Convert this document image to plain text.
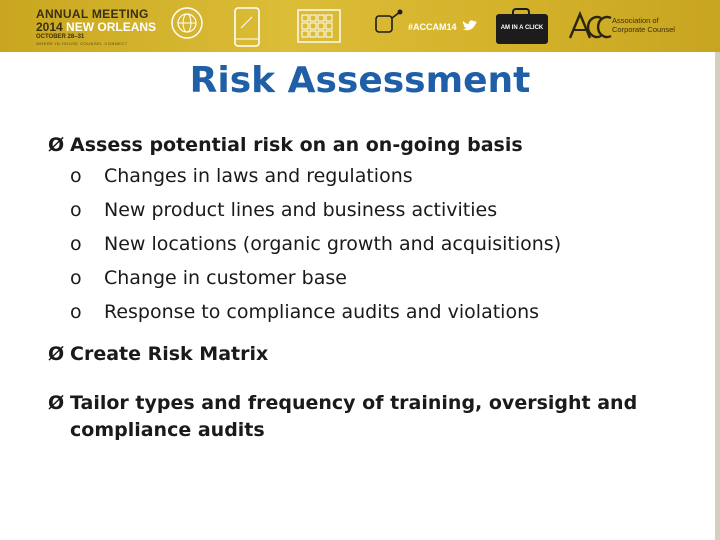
ANNUAL MEETING
2014 NEW ORLEANS
OCTOBER 28–31
WHERE IN-HOUSE COUNSEL CONNECT
#ACCAM14	AM IN A CLICK
Association of
Corporate Counsel
Risk Assessment
Ø Assess potential risk on an on-going basis
o Changes in laws and regulations
o New product lines and business activities
o New locations (organic growth and acquisitions)
o Change in customer base
o Response to compliance audits and violations
Ø Create Risk Matrix
Ø Tailor types and frequency of training, oversight and compliance audits
